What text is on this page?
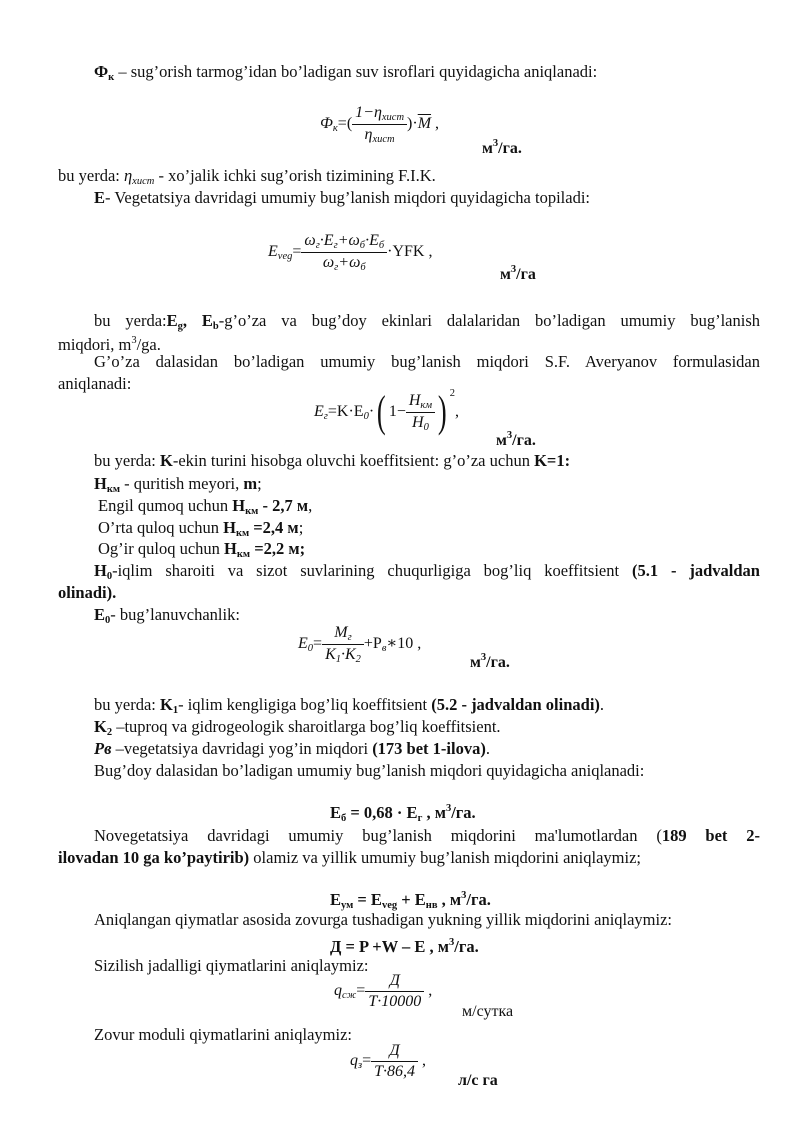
$Ф_к$ – sug’orish tarmog’idan bo’ladigan suv isroflari quyidagicha aniqlanadi:
$Ф_к=( \frac{1-\eta_{хист}}{\eta_{хист}} )\cdot\overline{M}$ ,
$м^3/га$.
bu yerda: $\eta_{хист}$ - xo’jalik ichki sug’orish tizimining F.I.K.
E- Vegetatsiya davridagi umumiy bug’lanish miqdori quyidagicha topiladi:
$E_{veg}= \frac{\omega_г\cdot E_г+\omega_б\cdot E_б}{\omega_г+\omega_б} \cdot YFK$ ,
$м^3/га$
bu $yerda:E_g$, $E_b-g’o’za$ va bug’doy ekinlari dalalaridan bo’ladigan umumiy bug’lanish
miqdori, $m^3/ga$.
G’o’za dalasidan bo’ladigan umumiy bug’lanish miqdori S.F. Averyanov formulasidan
aniqlanadi:
$E_г=K\cdot E_0\cdot$( $1- \frac{H_{км}}{H_0}$ ) $^2$,
$м^3/га$.
bu yerda: K-ekin turini hisobga oluvchi koeffitsient: g’o’za uchun K=1:
$H_{км}$ - quritish meyori, m;
Engil qumoq uchun $H_{км} - 2,7$ м,
O’rta quloq uchun $H_{км} =2,4$ м;
Og’ir quloq uchun $H_{км} =2,2$ м;
$H_0$-iqlim sharoiti va sizot suvlarining chuqurligiga bog’liq koeffitsient (5.1 - jadvaldan
olinadi).
$E_0-$ bug’lanuvchanlik:
$E_0= \frac{M_г}{K_1\cdot K_2}$ $+P_в∗10$ ,
$м^3/га$.
bu yerda: $K_1-$ iqlim kengligiga bog’liq koeffitsient (5.2 - jadvaldan olinadi).
$K_2$ –tuproq va gidrogeologik sharoitlarga bog’liq koeffitsient.
Pв –vegetatsiya davridagi yog’in miqdori (173 bet 1-ilova).
Bug’doy dalasidan bo’ladigan umumiy bug’lanish miqdori quyidagicha aniqlanadi:
$E_б = 0,68 \cdot E_г$ , $м^3/га$.
Novegetatsiya davridagi umumiy bug’lanish miqdorini ma'lumotlardan (189 bet 2-
ilovadan 10 ga ko’paytirib) olamiz va yillik umumiy bug’lanish miqdorini aniqlaymiz;
$E_{ум} = E_{veg} + E_{нв}$ , $м^3/га$.
Aniqlangan qiymatlar asosida zovurga tushadigan yukning yillik miqdorini aniqlaymiz:
Д = P +W – E , $м^3/га$.
Sizilish jadalligi qiymatlarini aniqlaymiz:
$q_{сж}= \frac{Д}{T\cdot 10000}$ ,
м/сутка
Zovur moduli qiymatlarini aniqlaymiz:
$q_з= \frac{Д}{T\cdot 86,4}$ ,
л/с га
